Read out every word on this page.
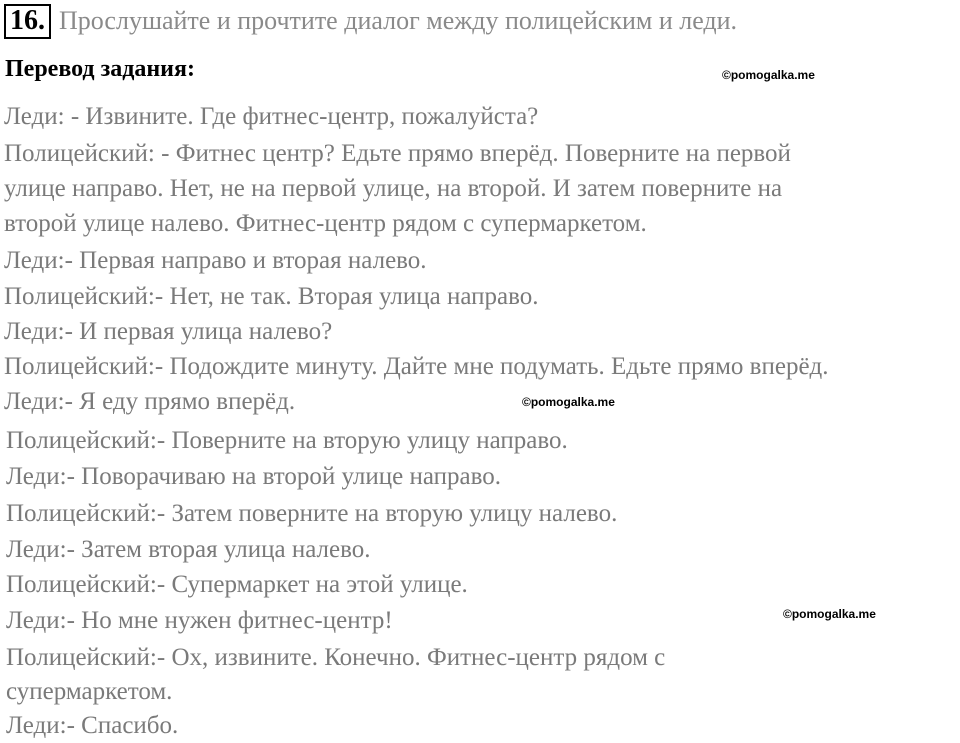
16. Прослушайте и прочтите диалог между полицейским и леди.
Перевод задания:	©pomogalka.me
©pomogalka.me
©pomogalka.me
Леди: - Извините. Где фитнес-центр, пожалуйста?
Полицейский: - Фитнес центр? Едьте прямо вперёд. Поверните на первой
улице направо. Нет, не на первой улице, на второй. И затем поверните на
второй улице налево. Фитнес-центр рядом с супермаркетом.
Леди:- Первая направо и вторая налево.
Полицейский:- Нет, не так. Вторая улица направо.
Леди:- И первая улица налево?
Полицейский:- Подождите минуту. Дайте мне подумать. Едьте прямо вперёд.
Леди:- Я еду прямо вперёд.
Полицейский:- Поверните на вторую улицу направо.
Леди:- Поворачиваю на второй улице направо.
Полицейский:- Затем поверните на вторую улицу налево.
Леди:- Затем вторая улица налево.
Полицейский:- Супермаркет на этой улице.
Леди:- Но мне нужен фитнес-центр!
Полицейский:- Ох, извините. Конечно. Фитнес-центр рядом с
супермаркетом.
Леди:- Спасибо.
